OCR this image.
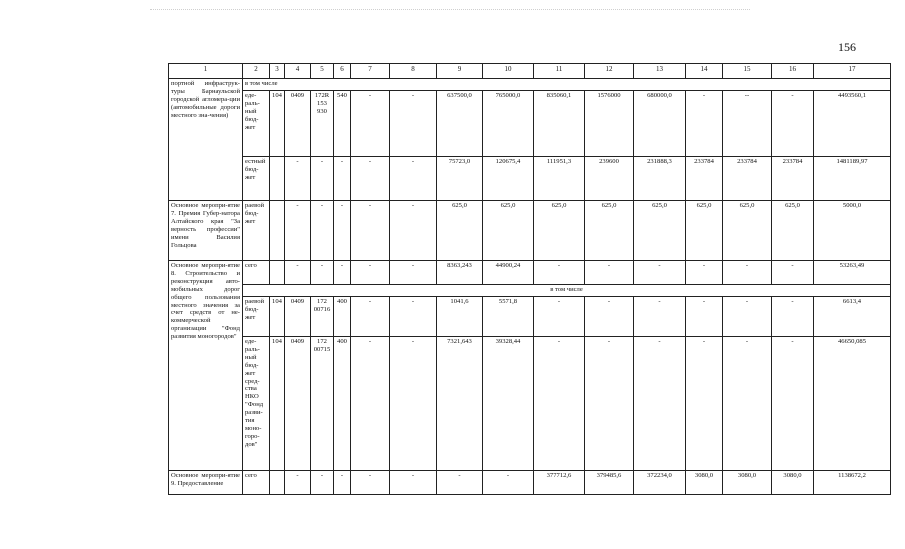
156
1	2	3	4	5	6	7	8	9	10	11	12	13	14	15	16	17
портной инфраструк-туры Барнаульской городской агломера-ции (автомобильные дороги местного зна-чения)	в том числе															
	еде-раль-ный бюд-жет	104	0409	172R 153 930	540	-	-	637500,0	765000,0	835060,1	1576000	680000,0	-	--	-	4493560,1
	естный бюд-жет		-	-	-	-	-	75723,0	120675,4	111951,3	239600	231888,3	233784	233784	233784	1481189,97
Основное меропри-ятие 7. Премия Губер-натора Алтайского края "За верность профессии" имени Василия Гольцова	раевой бюд-жет		-	-	-	-	-	625,0	625,0	625,0	625,0	625,0	625,0	625,0	625,0	5000,0
Основное меропри-ятие 8. Строительство и реконструкция авто-мобильных дорог общего пользования местного значения за счет средств от не-коммерческой организации "Фонд развития моногородов"	сего		-	-	-	-	-	8363,243	44900,24	-	-	-	-	-	-	53263,49
	в том числе															
	раевой бюд-жет	104	0409	172 00716	400	-	-	1041,6	5571,8	-	-	-	-	-	-	6613,4
	еде-раль-ный бюд-жет сред-ства НКО "Фонд разви-тия моно-горо-дов"	104	0409	172 00715	400	-	-	7321,643	39328,44	-	-	-	-	-	-	46650,085
Основное меропри-ятие 9. Предоставление	сего		-	-	-	-	-	-	-	377712,6	379485,6	372234,0	3080,0	3080,0	3080,0	1138672,2
